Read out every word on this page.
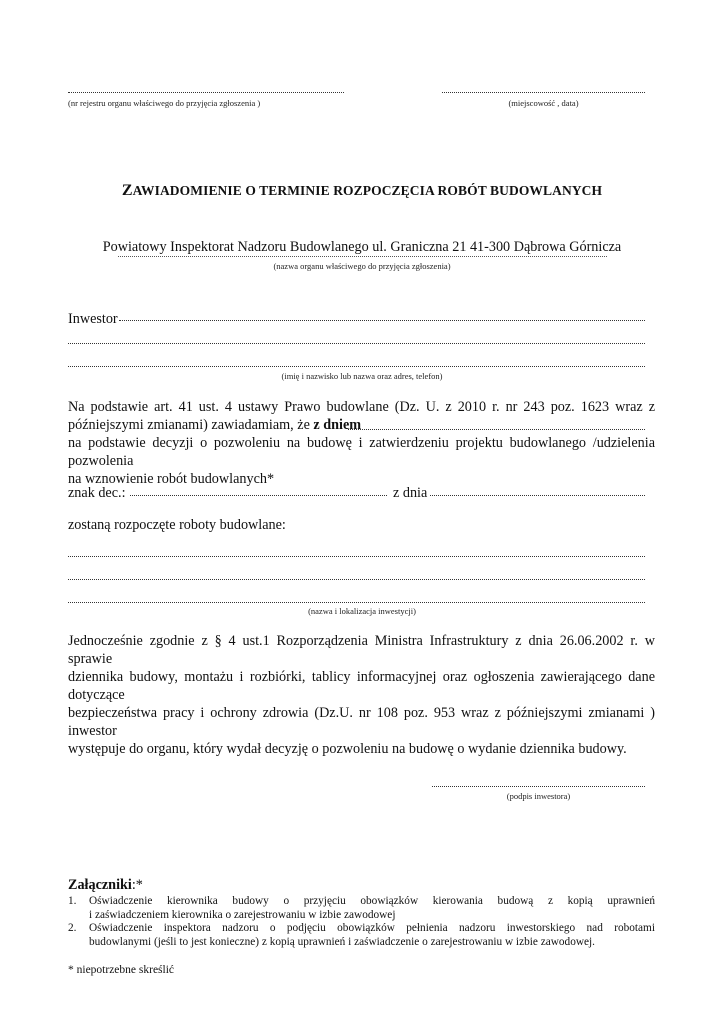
(nr rejestru organu właściwego do przyjęcia zgłoszenia )	(miejscowość , data)
ZAWIADOMIENIE O TERMINIE ROZPOCZĘCIA ROBÓT BUDOWLANYCH
Powiatowy Inspektorat Nadzoru Budowlanego ul. Graniczna 21 41-300 Dąbrowa Górnicza
(nazwa organu właściwego do przyjęcia zgłoszenia)
Inwestor
(imię i nazwisko lub nazwa oraz adres, telefon)
Na podstawie art. 41 ust. 4 ustawy Prawo budowlane (Dz. U. z 2010 r. nr 243 poz. 1623 wraz z
późniejszymi zmianami) zawiadamiam, że z dniem
na podstawie decyzji o pozwoleniu na budowę i zatwierdzeniu projektu budowlanego /udzielenia pozwolenia
na wznowienie robót budowlanych*
znak dec.:	z dnia
zostaną rozpoczęte roboty budowlane:
(nazwa i lokalizacja inwestycji)
Jednocześnie zgodnie z § 4 ust.1 Rozporządzenia Ministra Infrastruktury z dnia 26.06.2002 r. w sprawie
dziennika budowy, montażu i rozbiórki, tablicy informacyjnej oraz ogłoszenia zawierającego dane dotyczące
bezpieczeństwa pracy i ochrony zdrowia (Dz.U. nr 108 poz. 953 wraz z późniejszymi zmianami ) inwestor
występuje do organu, który wydał decyzję o pozwoleniu na budowę o wydanie dziennika budowy.
(podpis inwestora)
Załączniki:*
1. Oświadczenie kierownika budowy o przyjęciu obowiązków kierowania budową z kopią uprawnień
i zaświadczeniem kierownika o zarejestrowaniu w izbie zawodowej
2. Oświadczenie inspektora nadzoru o podjęciu obowiązków pełnienia nadzoru inwestorskiego nad robotami
budowlanymi (jeśli to jest konieczne) z kopią uprawnień i zaświadczenie o zarejestrowaniu w izbie zawodowej.
* niepotrzebne skreślić
